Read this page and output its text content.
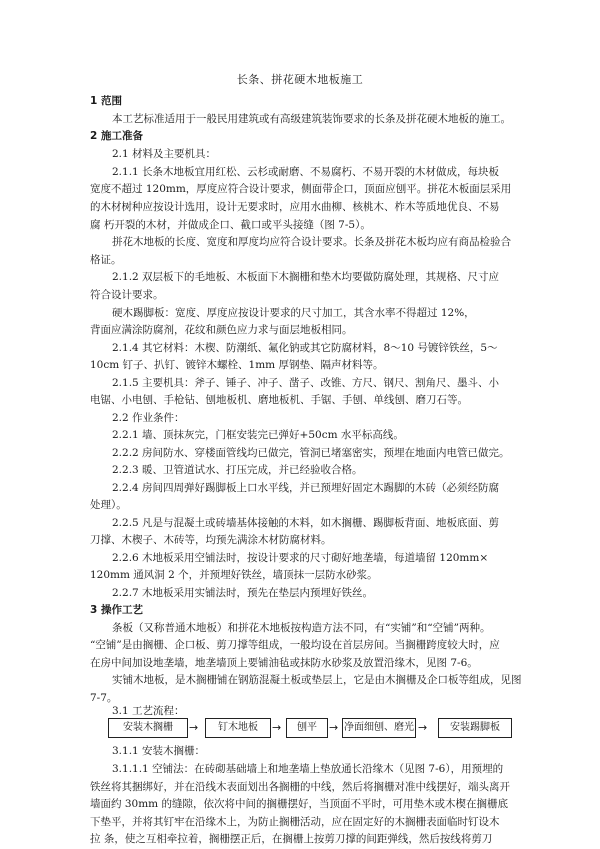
长条、拼花硬木地板施工
1 范围
本工艺标准适用于一般民用建筑或有高级建筑装饰要求的长条及拼花硬木地板的施工。
2 施工准备
2.1 材料及主要机具：
2.1.1 长条木地板宜用红松、云杉或耐磨、不易腐朽、不易开裂的木材做成，每块板
宽度不超过 120mm，厚度应符合设计要求，侧面带企口，顶面应刨平。拼花木板面层采用
的木材树种应按设计选用，设计无要求时，应用水曲柳、核桃木、柞木等质地优良、不易
腐 朽开裂的木材，并做成企口、截口或平头接缝（图 7-5）。
拼花木地板的长度、宽度和厚度均应符合设计要求。长条及拼花木板均应有商品检验合
格证。
2.1.2 双层板下的毛地板、木板面下木搁栅和垫木均要做防腐处理，其规格、尺寸应
符合设计要求。
硬木踢脚板：宽度、厚度应按设计要求的尺寸加工，其含水率不得超过 12%，
背面应满涂防腐剂，花纹和颜色应力求与面层地板相同。
2.1.4 其它材料：木楔、防潮纸、氟化钠或其它防腐材料，8～10 号镀锌铁丝，5～
10cm 钉子、扒钉、镀锌木螺栓、1mm 厚钢垫、隔声材料等。
2.1.5 主要机具：斧子、锤子、冲子、凿子、改锥、方尺、钢尺、割角尺、墨斗、小
电锯、小电刨、手枪钻、刨地板机、磨地板机、手锯、手刨、单线刨、磨刀石等。
2.2 作业条件：
2.2.1 墙、顶抹灰完，门框安装完已弹好+50cm 水平标高线。
2.2.2 房间防水、穿楼面管线均已做完，管洞已堵塞密实，预埋在地面内电管已做完。
2.2.3 暖、卫管道试水、打压完成，并已经验收合格。
2.2.4 房间四周弹好踢脚板上口水平线，并已预埋好固定木踢脚的木砖（必须经防腐
处理）。
2.2.5 凡是与混凝土或砖墙基体接触的木料，如木搁栅、踢脚板背面、地板底面、剪
刀撑、木楔子、木砖等，均预先满涂木材防腐材料。
2.2.6 木地板采用空铺法时，按设计要求的尺寸砌好地垄墙，每道墙留 120mm×
120mm 通风洞 2 个，并预埋好铁丝，墙顶抹一层防水砂浆。
2.2.7 木地板采用实铺法时，预先在垫层内预埋好铁丝。
3 操作工艺
条板（又称普通木地板）和拼花木地板按构造方法不同，有“实铺”和“空铺”两种。
“空铺”是由搁栅、企口板、剪刀撑等组成，一般均设在首层房间。当搁栅跨度较大时，应
在房中间加设地垄墙，地垄墙顶上要铺油毡或抹防水砂浆及放置沿缘木，见图 7-6。
实铺木地板，是木搁栅铺在钢筋混凝土板或垫层上，它是由木搁栅及企口板等组成，见图
7-7。
3.1 工艺流程：
安装木搁栅	→	钉木地板	→	刨平	→ 净面细刨、磨光 →	安装踢脚板
3.1.1 安装木搁栅：
3.1.1.1 空铺法：在砖砌基础墙上和地垄墙上垫放通长沿缘木（见图 7-6），用预埋的
铁丝将其捆绑好，并在沿线木表面划出各搁栅的中线，然后将搁栅对准中线摆好，端头离开
墙面约 30mm 的缝隙，依次将中间的搁栅摆好，当顶面不平时，可用垫木或木楔在搁栅底
下垫平，并将其钉牢在沿缘木上，为防止搁栅活动，应在固定好的木搁栅表面临时钉设木
拉 条，使之互相牵拉着，搁栅摆正后，在搁栅上按剪刀撑的间距弹线，然后按线将剪刀
